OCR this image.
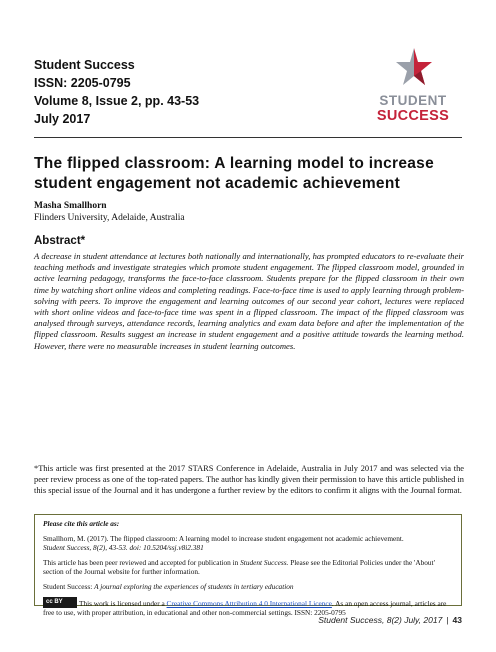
Student Success
ISSN: 2205-0795
Volume 8, Issue 2, pp. 43-53
July 2017
STUDENT
SUCCESS
The flipped classroom: A learning model to increase student engagement not academic achievement
Masha Smallhorn
Flinders University, Adelaide, Australia
Abstract*
A decrease in student attendance at lectures both nationally and internationally, has prompted educators to re-evaluate their teaching methods and investigate strategies which promote student engagement. The flipped classroom model, grounded in active learning pedagogy, transforms the face-to-face classroom. Students prepare for the flipped classroom in their own time by watching short online videos and completing readings. Face-to-face time is used to apply learning through problem-solving with peers. To improve the engagement and learning outcomes of our second year cohort, lectures were replaced with short online videos and face-to-face time was spent in a flipped classroom. The impact of the flipped classroom was analysed through surveys, attendance records, learning analytics and exam data before and after the implementation of the flipped classroom. Results suggest an increase in student engagement and a positive attitude towards the learning method. However, there were no measurable increases in student learning outcomes.
*This article was first presented at the 2017 STARS Conference in Adelaide, Australia in July 2017 and was selected via the peer review process as one of the top-rated papers. The author has kindly given their permission to have this article published in this special issue of the Journal and it has undergone a further review by the editors to confirm it aligns with the Journal format.

Please cite this article as:

Smallhorn, M. (2017). The flipped classroom: A learning model to increase student engagement not academic achievement.
Student Success, 8(2), 43-53. doi: 10.5204/ssj.v8i2.381

This article has been peer reviewed and accepted for publication in Student Success. Please see the Editorial Policies under the 'About' section of the Journal website for further information.

Student Success: A journal exploring the experiences of students in tertiary education

cc BY This work is licensed under a Creative Commons Attribution 4.0 International Licence. As an open access journal, articles are free to use, with proper attribution, in educational and other non-commercial settings. ISSN: 2205-0795

Student Success, 8(2) July, 2017 | 43
